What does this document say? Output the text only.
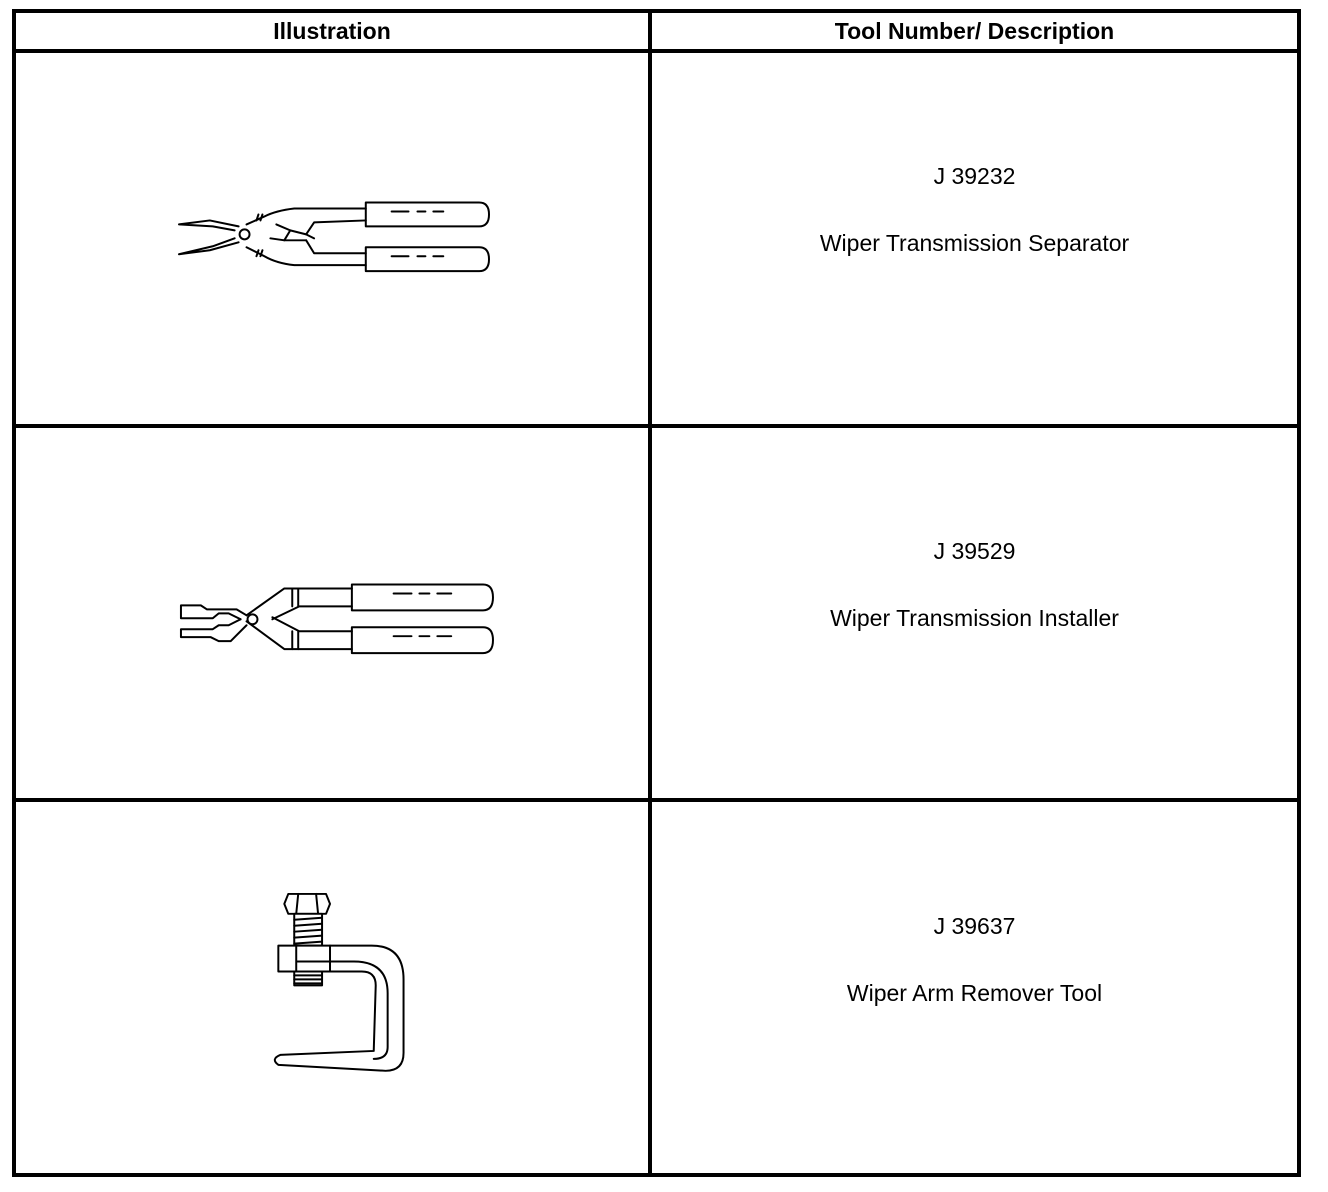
Illustration	Tool Number/ Description

J 39232
Wiper Transmission Separator

J 39529
Wiper Transmission Installer

J 39637
Wiper Arm Remover Tool
